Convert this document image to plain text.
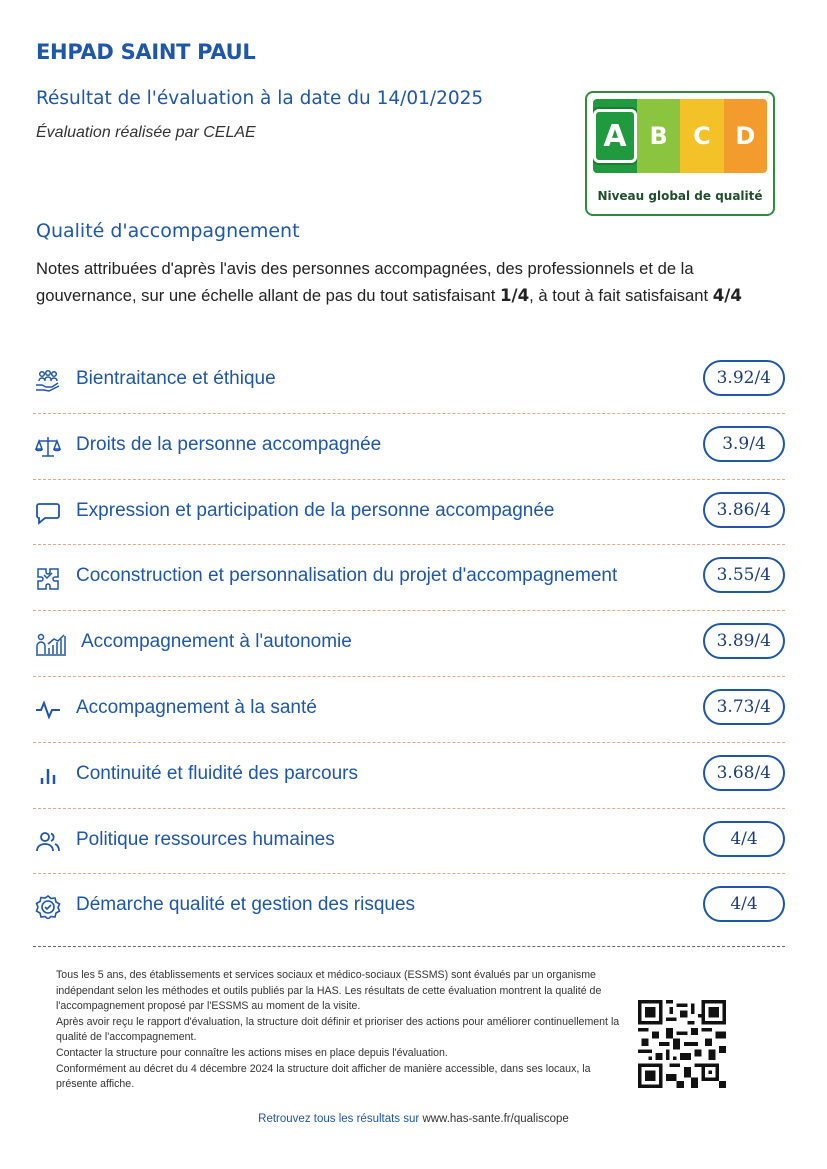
EHPAD SAINT PAUL
Résultat de l'évaluation à la date du 14/01/2025
Évaluation réalisée par CELAE	A B	C	D
Niveau global de qualité
Qualité d'accompagnement
Notes attribuées d'après l'avis des personnes accompagnées, des professionnels et de la gouvernance, sur une échelle allant de pas du tout satisfaisant 1/4, à tout à fait satisfaisant 4/4
Bientraitance et éthique	3.92/4
Droits de la personne accompagnée	3.9/4
Expression et participation de la personne accompagnée	3.86/4
Coconstruction et personnalisation du projet d'accompagnement	3.55/4
Accompagnement à l'autonomie	3.89/4
Accompagnement à la santé	3.73/4
Continuité et fluidité des parcours	3.68/4
Politique ressources humaines	4/4
Démarche qualité et gestion des risques	4/4

Tous les 5 ans, des établissements et services sociaux et médico-sociaux (ESSMS) sont évalués par un organisme indépendant selon les méthodes et outils publiés par la HAS. Les résultats de cette évaluation montrent la qualité de l'accompagnement proposé par l'ESSMS au moment de la visite.

Après avoir reçu le rapport d'évaluation, la structure doit définir et prioriser des actions pour améliorer continuellement la qualité de l'accompagnement.

Contacter la structure pour connaître les actions mises en place depuis l'évaluation.

Conformément au décret du 4 décembre 2024 la structure doit afficher de manière accessible, dans ses locaux, la présente affiche.

Retrouvez tous les résultats sur www.has-sante.fr/qualiscope
